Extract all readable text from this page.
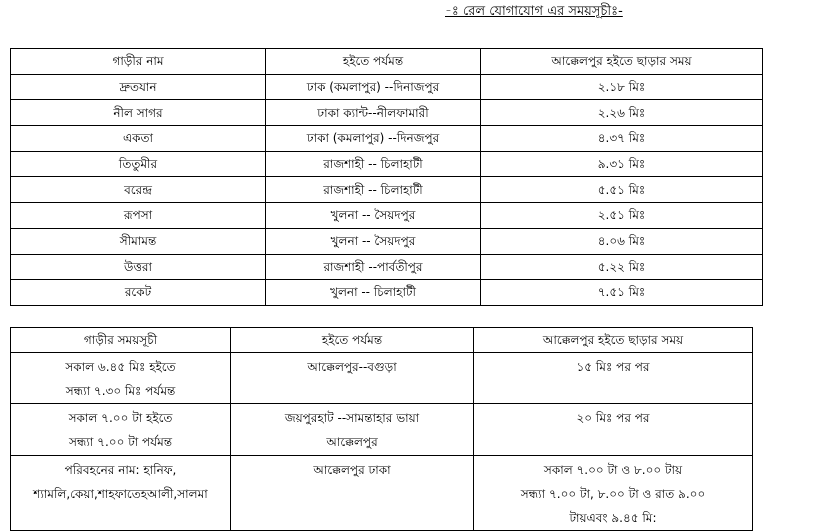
-ঃ রেল যোগাযোগ এর সময়সূচীঃ-
গাড়ীর নাম	হইতে পর্যমন্ত	আক্কেলপুর হইতে ছাড়ার সময়
দ্রুতযান	ঢাক (কমলাপুর) --দিনাজপুর	২.১৮ মিঃ
নীল সাগর	ঢাকা ক্যান্ট--নীলফামারী	২.২৬ মিঃ
একতা	ঢাকা (কমলাপুর) --দিনজপুর	৪.৩৭ মিঃ
তিতুমীর	রাজশাহী -- চিলাহাটী	৯.৩১ মিঃ
বরেন্দ্র	রাজশাহী -- চিলাহাটী	৫.৫১ মিঃ
রূপসা	খুলনা -- সৈয়দপুর	২.৫১ মিঃ
সীমামন্ত	খুলনা -- সৈয়দপুর	৪.০৬ মিঃ
উত্তরা	রাজশাহী --পার্বতীপুর	৫.২২ মিঃ
রকেট	খুলনা -- চিলাহাটী	৭.৫১ মিঃ
গাড়ীর সময়সূচী	হইতে পর্যমন্ত	আক্কেলপুর হইতে ছাড়ার সময়

সকাল ৬.৪৫ মিঃ হইতে
সন্ধ্যা ৭.৩০ মিঃ পর্যমন্ত	আক্কেলপুর--বগুড়া	১৫ মিঃ পর পর

সকাল ৭.০০ টা হইতে
সন্ধ্যা ৭.০০ টা পর্যমন্ত	জয়পুরহাট --সামন্তাহার ভায়া
আক্কেলপুর	২০ মিঃ পর পর

পরিবহনের নাম: হানিফ,
শ্যামলি,কেয়া,শাহফাতেহআলী,সালমা	আক্কেলপুর ঢাকা	সকাল ৭.০০ টা ও ৮.০০ টায়
সন্ধ্যা ৭.০০ টা, ৮.০০ টা ও রাত ৯.০০
টায়এবং ৯.৪৫ মি:
